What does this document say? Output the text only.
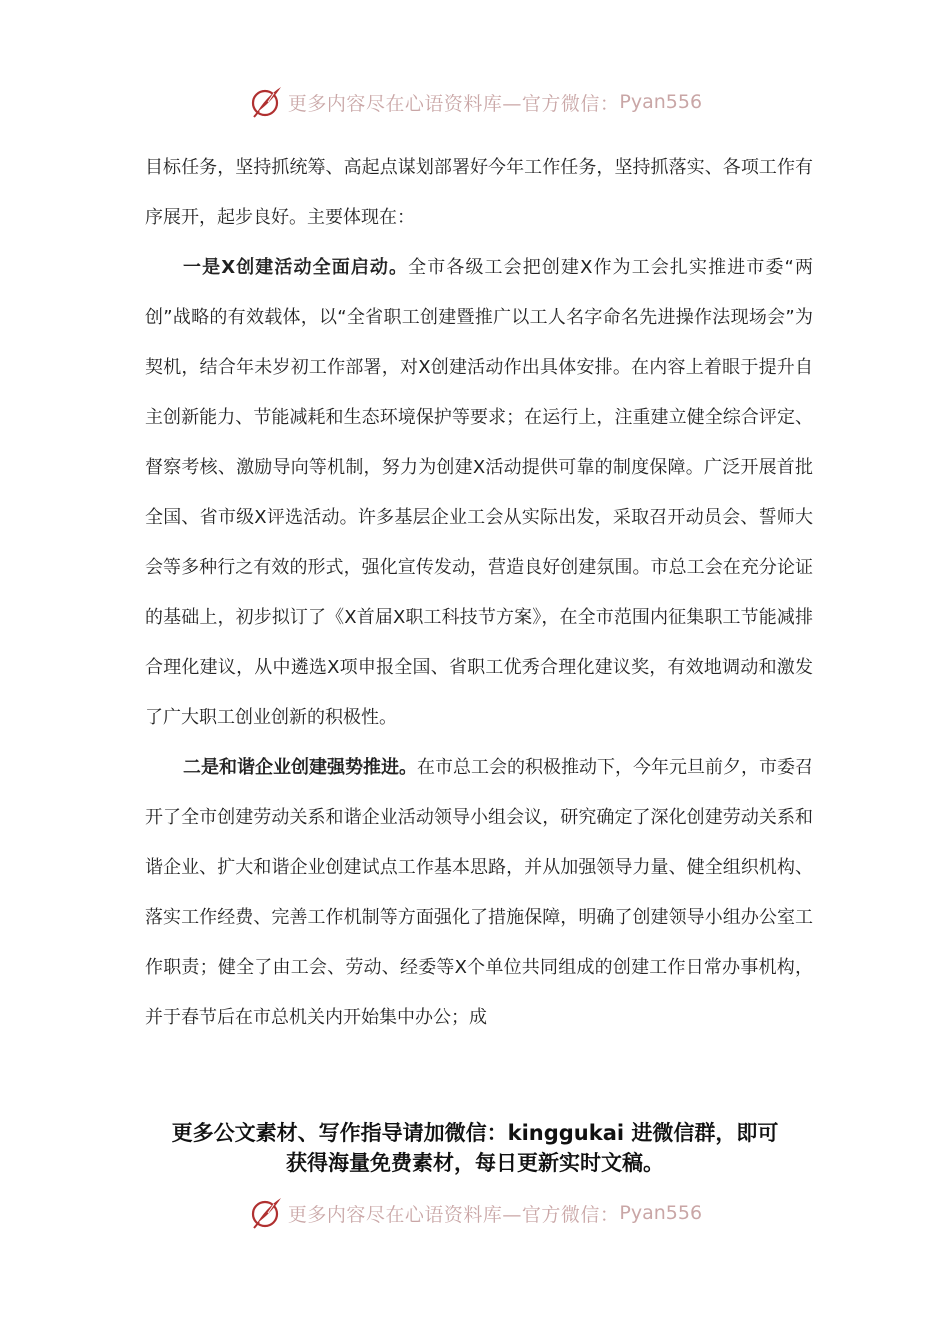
更多内容尽在心语资料库—官方微信： Pyan556

目标任务，坚持抓统筹、高起点谋划部署好今年工作任务，坚持抓落实、各项工作有序展开，起步良好。主要体现在：

一是X创建活动全面启动。全市各级工会把创建X作为工会扎实推进市委“两创”战略的有效载体，以“全省职工创建暨推广以工人名字命名先进操作法现场会”为契机，结合年未岁初工作部署，对X创建活动作出具体安排。在内容上着眼于提升自主创新能力、节能减耗和生态环境保护等要求；在运行上，注重建立健全综合评定、督察考核、激励导向等机制，努力为创建X活动提供可靠的制度保障。广泛开展首批全国、省市级X评选活动。许多基层企业工会从实际出发，采取召开动员会、誓师大会等多种行之有效的形式，强化宣传发动，营造良好创建氛围。市总工会在充分论证的基础上，初步拟订了《X首届X职工科技节方案》，在全市范围内征集职工节能减排合理化建议，从中遴选X项申报全国、省职工优秀合理化建议奖，有效地调动和激发了广大职工创业创新的积极性。

二是和谐企业创建强势推进。在市总工会的积极推动下，今年元旦前夕，市委召开了全市创建劳动关系和谐企业活动领导小组会议，研究确定了深化创建劳动关系和谐企业、扩大和谐企业创建试点工作基本思路，并从加强领导力量、健全组织机构、落实工作经费、完善工作机制等方面强化了措施保障，明确了创建领导小组办公室工作职责；健全了由工会、劳动、经委等X个单位共同组成的创建工作日常办事机构，并于春节后在市总机关内开始集中办公；成

更多公文素材、写作指导请加微信：kinggukai 进微信群，即可
获得海量免费素材，每日更新实时文稿。
更多内容尽在心语资料库—官方微信： Pyan556
